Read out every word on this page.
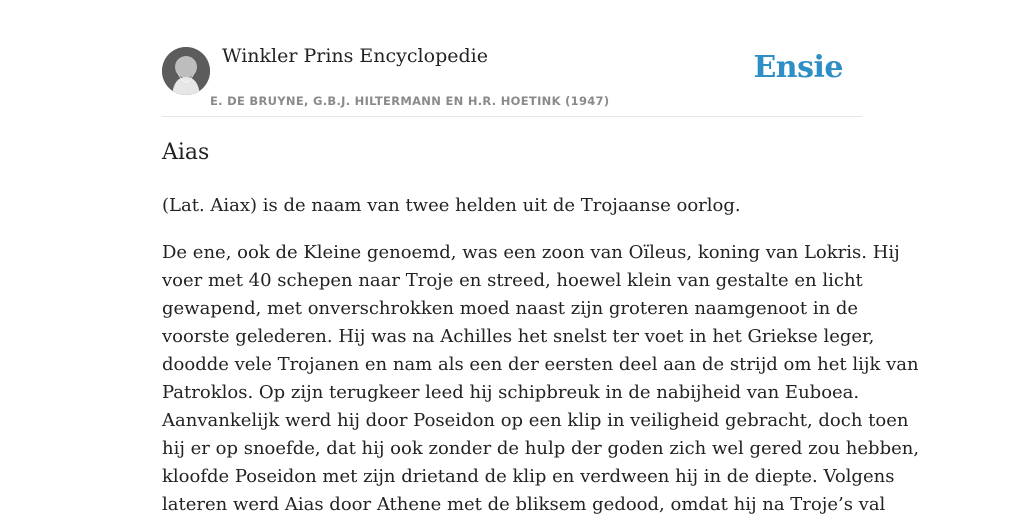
Winkler Prins Encyclopedie
E. DE BRUYNE, G.B.J. HILTERMANN EN H.R. HOETINK (1947)
Ensie
Aias

(Lat. Aiax) is de naam van twee helden uit de Trojaanse oorlog.

De ene, ook de Kleine genoemd, was een zoon van Oïleus, koning van Lokris. Hij
voer met 40 schepen naar Troje en streed, hoewel klein van gestalte en licht
gewapend, met onverschrokken moed naast zijn groteren naamgenoot in de
voorste gelederen. Hij was na Achilles het snelst ter voet in het Griekse leger,
doodde vele Trojanen en nam als een der eersten deel aan de strijd om het lijk van
Patroklos. Op zijn terugkeer leed hij schipbreuk in de nabijheid van Euboea.
Aanvankelijk werd hij door Poseidon op een klip in veiligheid gebracht, doch toen
hij er op snoefde, dat hij ook zonder de hulp der goden zich wel gered zou hebben,
kloofde Poseidon met zijn drietand de klip en verdween hij in de diepte. Volgens
lateren werd Aias door Athene met de bliksem gedood, omdat hij na Troje’s val
